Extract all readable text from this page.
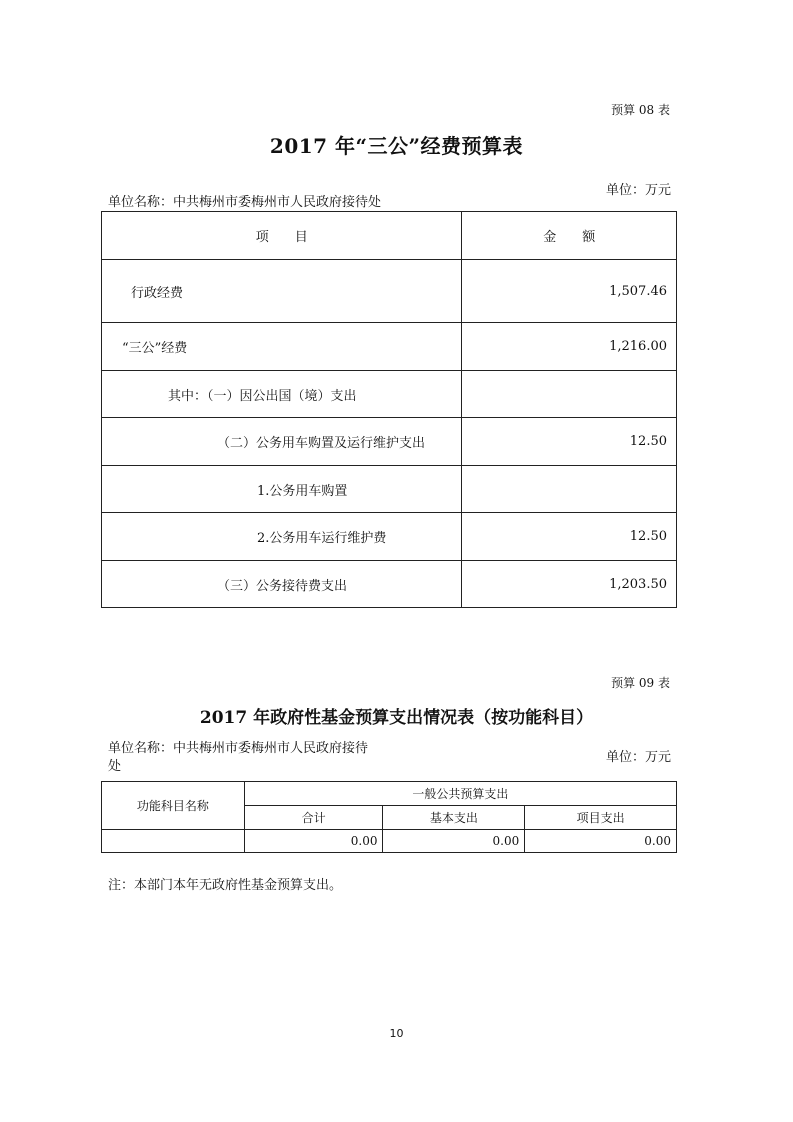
预算 08 表
2017 年“三公”经费预算表
单位：万元
单位名称：中共梅州市委梅州市人民政府接待处
项　　目	金　　额
行政经费	1,507.46
“三公”经费	1,216.00
其中：（一）因公出国（境）支出	
（二）公务用车购置及运行维护支出	12.50
1.公务用车购置	
2.公务用车运行维护费	12.50
（三）公务接待费支出	1,203.50
预算 09 表
2017 年政府性基金预算支出情况表（按功能科目）
单位名称：中共梅州市委梅州市人民政府接待
处
单位：万元
功能科目名称	一般公共预算支出		
	合计	基本支出	项目支出
	0.00	0.00	0.00
注：本部门本年无政府性基金预算支出。
10
